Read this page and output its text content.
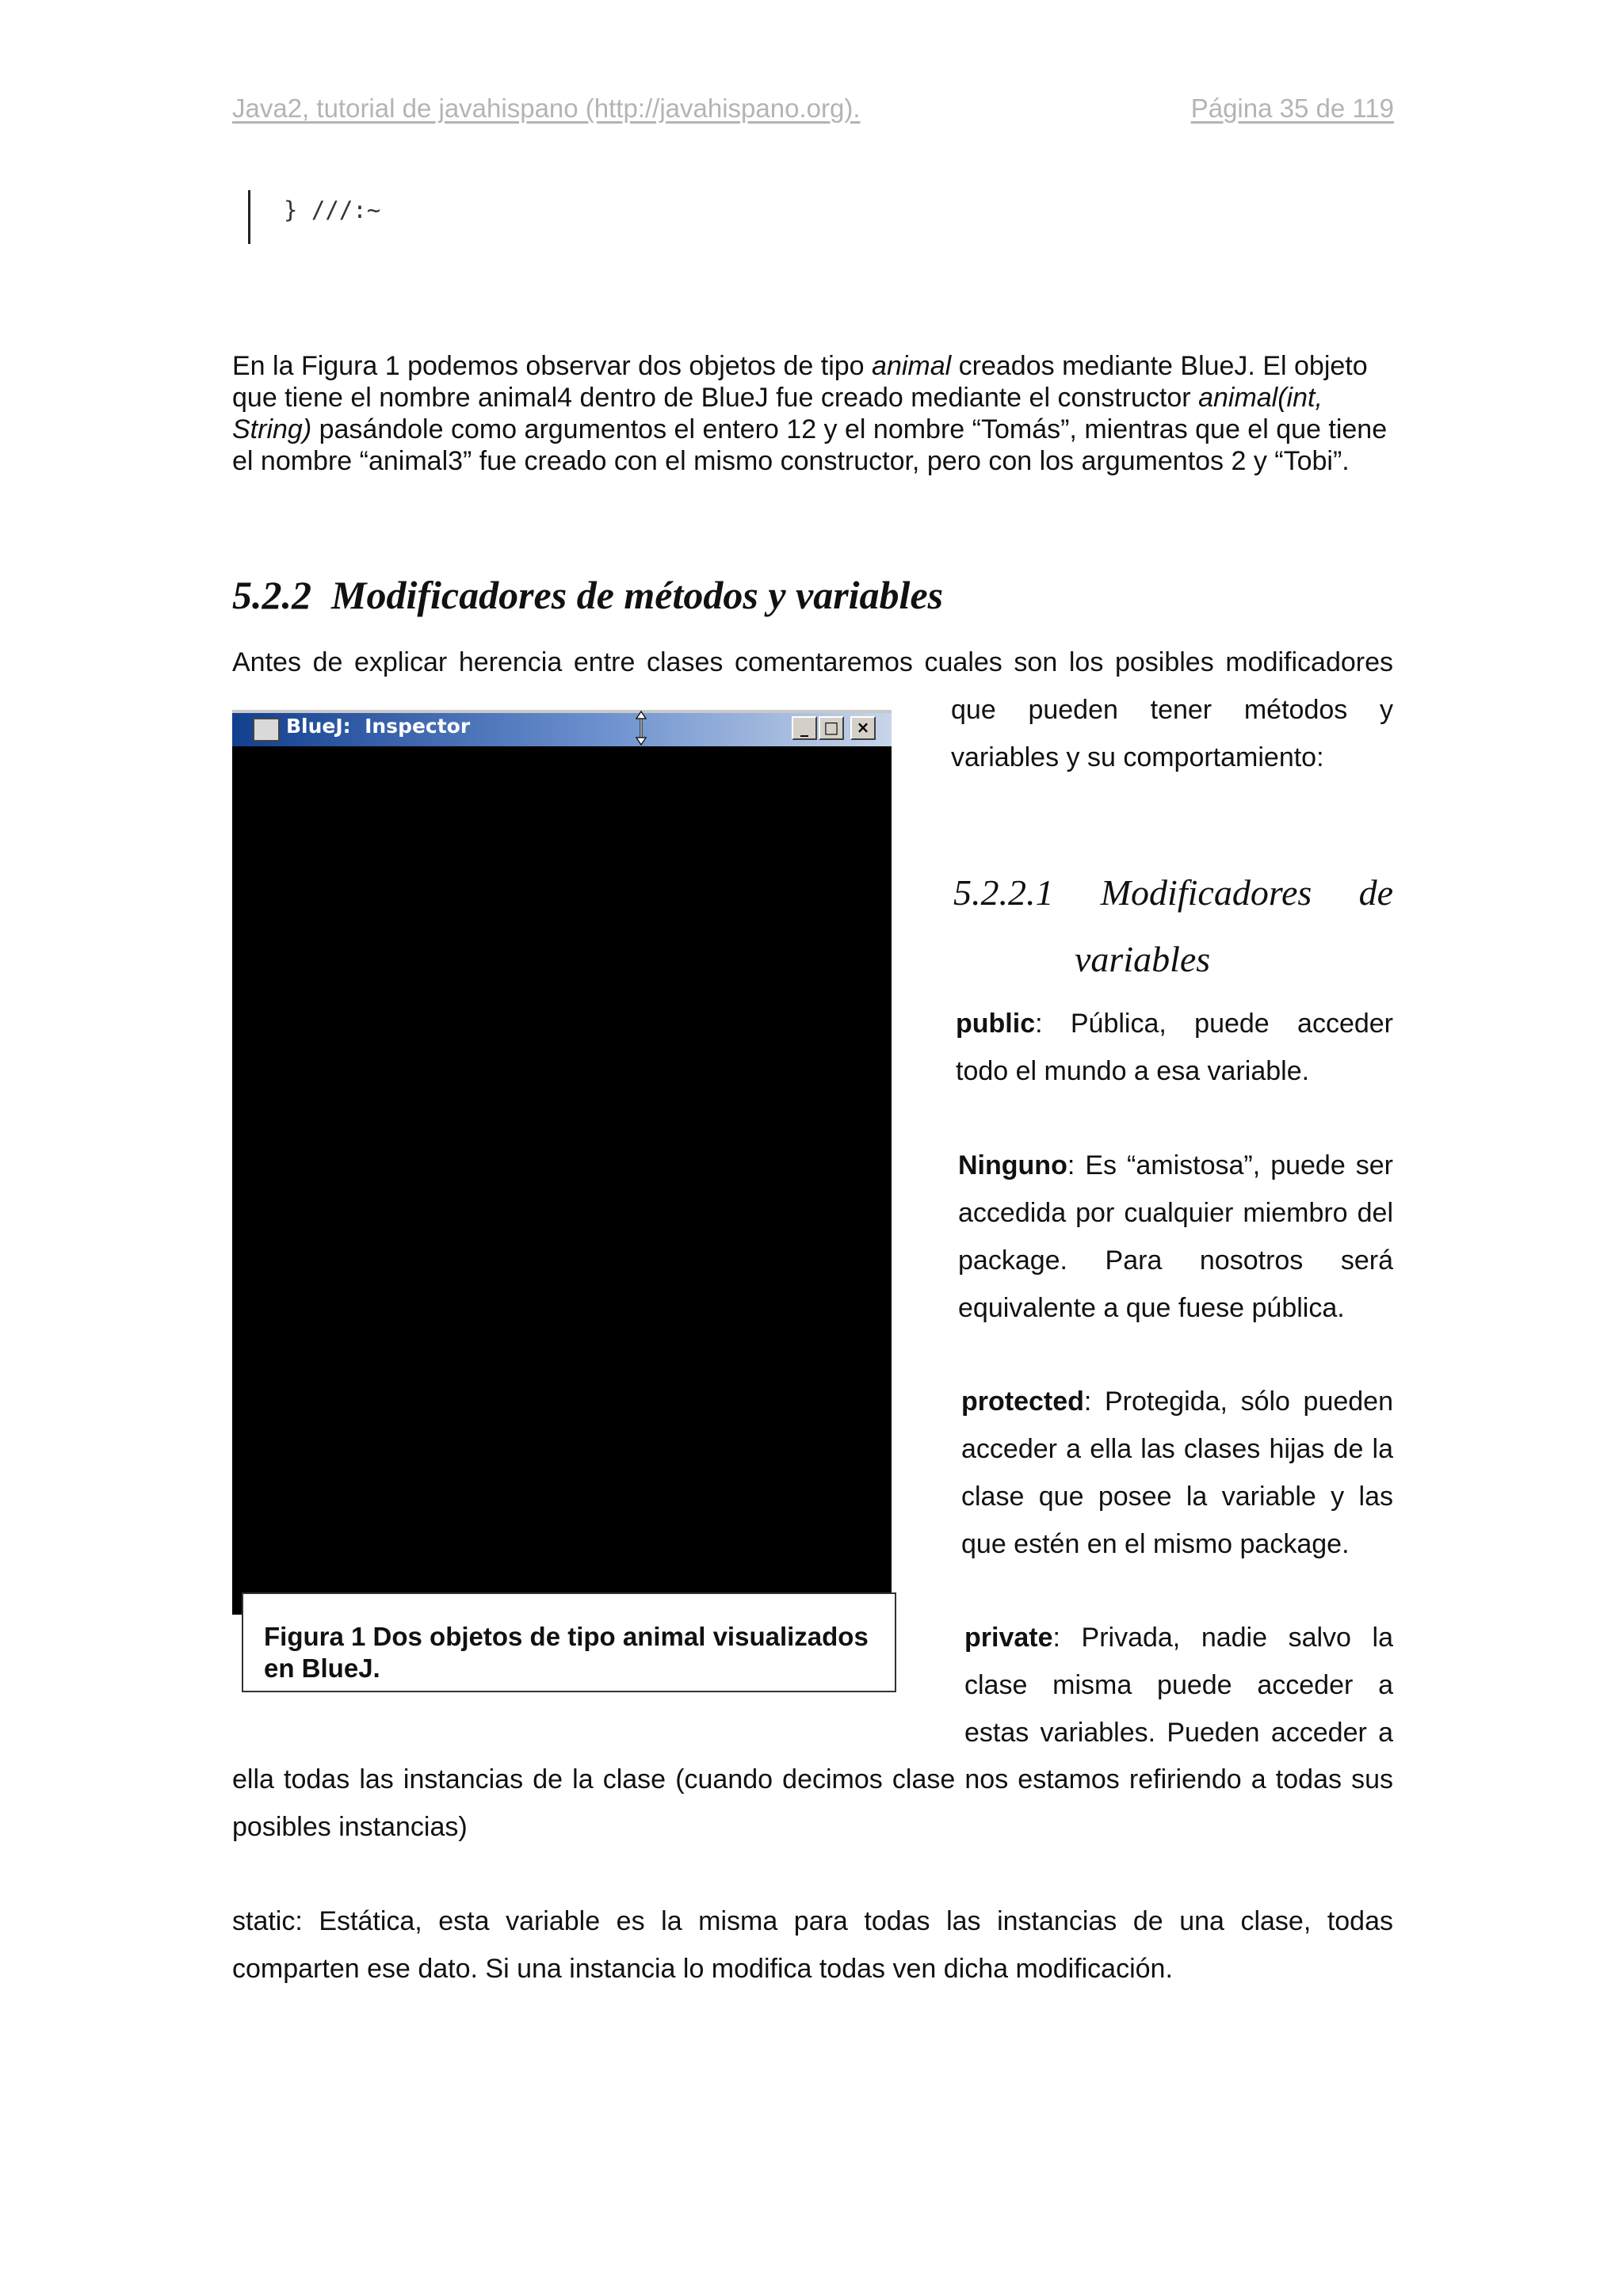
Java2, tutorial de javahispano (http://javahispano.org).	Página 35 de 119
} ///:~
En la Figura 1 podemos observar dos objetos de tipo animal creados mediante BlueJ. El objeto que tiene el nombre animal4 dentro de BlueJ fue creado mediante el constructor animal(int, String) pasándole como argumentos el entero 12 y el nombre “Tomás”, mientras que el que tiene el nombre “animal3” fue creado con el mismo constructor, pero con los argumentos 2 y “Tobi”.
5.2.2 Modificadores de métodos y variables
Antes de explicar herencia entre clases comentaremos cuales son los posibles modificadores
que pueden tener métodos y
variables y su comportamiento:
5.2.2.1 Modificadores de
variables
public: Pública, puede acceder
todo el mundo a esa variable.
Ninguno: Es “amistosa”, puede ser
accedida por cualquier miembro del
package. Para nosotros será
equivalente a que fuese pública.
protected: Protegida, sólo pueden
acceder a ella las clases hijas de la
clase que posee la variable y las
que estén en el mismo package.
private: Privada, nadie salvo la
clase misma puede acceder a
estas variables. Pueden acceder a
ella todas las instancias de la clase (cuando decimos clase nos estamos refiriendo a todas sus
posibles instancias)
static: Estática, esta variable es la misma para todas las instancias de una clase, todas
comparten ese dato. Si una instancia lo modifica todas ven dicha modificación.
BlueJ:  Inspector	_ □	×
Figura 1 Dos objetos de tipo animal visualizados en BlueJ.
